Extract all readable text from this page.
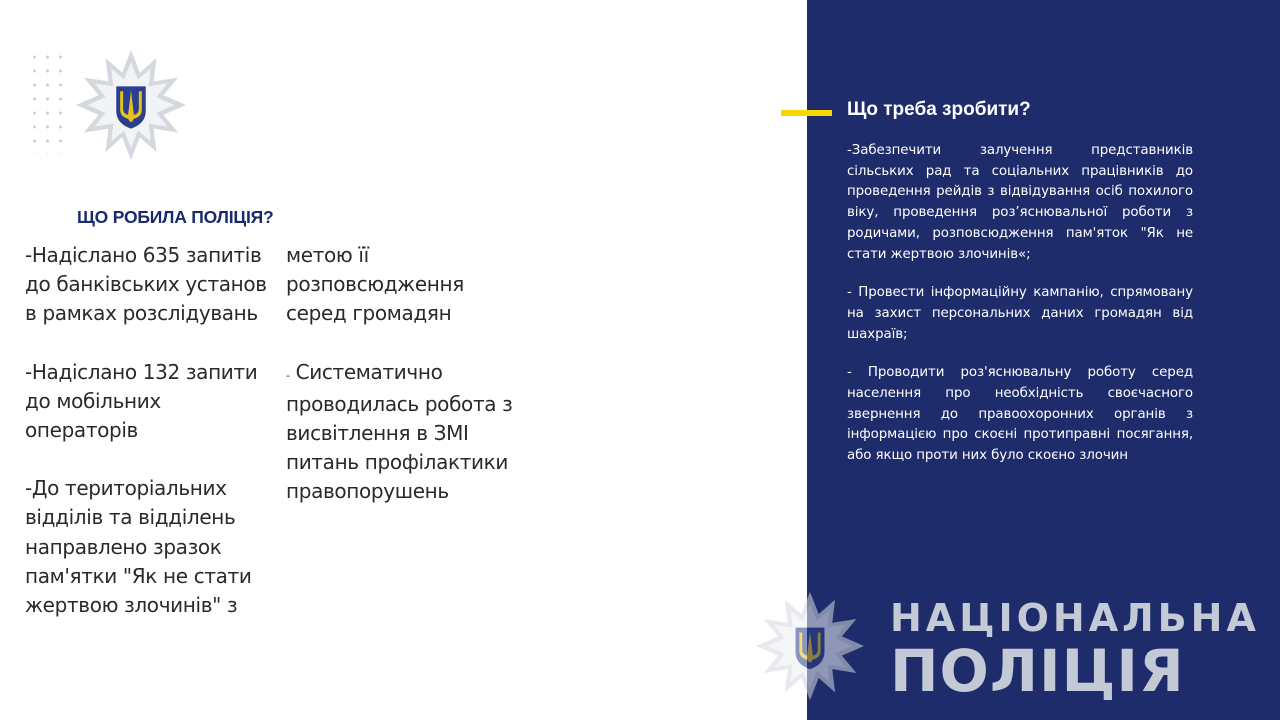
ЩО РОБИЛА ПОЛІЦІЯ?

-Надіслано 635 запитів до банківських установ в рамках розслідувань

-Надіслано 132 запити до мобільних операторів

-До територіальних відділів та відділень направлено зразок пам'ятки "Як не стати жертвою злочинів" з

метою її розповсюдження серед громадян

- Систематично проводилась робота з висвітлення в ЗМІ питань профілактики правопорушень

Що треба зробити?

-Забезпечити залучення представників сільських рад та соціальних працівників до проведення рейдів з відвідування осіб похилого віку, проведення роз’яснювальної роботи з родичами, розповсюдження пам'яток "Як не стати жертвою злочинів«;

- Провести інформаційну кампанію, спрямовану на захист персональних даних громадян від шахраїв;

- Проводити роз'яснювальну роботу серед населення про необхідність своєчасного звернення до правоохоронних органів з інформацією про скоєні протиправні посягання, або якщо проти них було скоєно злочин

НАЦІОНАЛЬНА
ПОЛІЦІЯ
